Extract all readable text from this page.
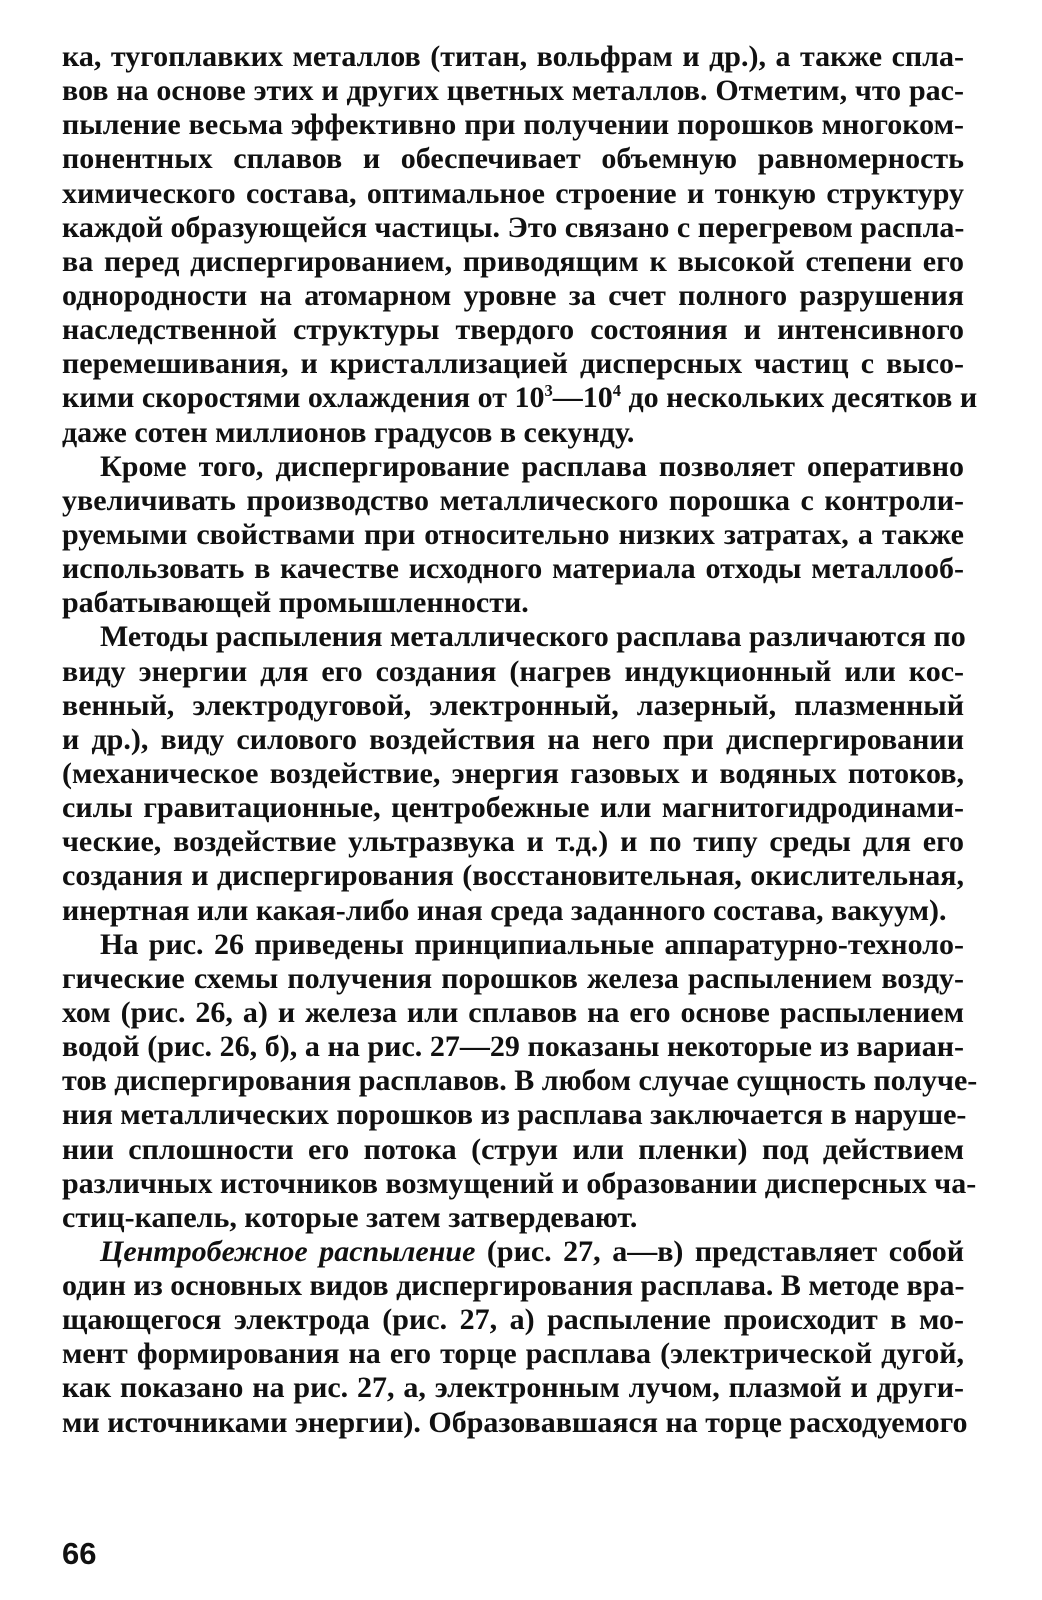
ка, тугоплавких металлов (титан, вольфрам и др.), а также спла-
вов на основе этих и других цветных металлов. Отметим, что рас-
пыление весьма эффективно при получении порошков многоком-
понентных сплавов и обеспечивает объемную равномерность
химического состава, оптимальное строение и тонкую структуру
каждой образующейся частицы. Это связано с перегревом распла-
ва перед диспергированием, приводящим к высокой степени его
однородности на атомарном уровне за счет полного разрушения
наследственной структуры твердого состояния и интенсивного
перемешивания, и кристаллизацией дисперсных частиц с высо-
кими скоростями охлаждения от $10^3—10^4$ до нескольких десятков и
даже сотен миллионов градусов в секунду.
Кроме того, диспергирование расплава позволяет оперативно
увеличивать производство металлического порошка с контроли-
руемыми свойствами при относительно низких затратах, а также
использовать в качестве исходного материала отходы металлооб-
рабатывающей промышленности.
Методы распыления металлического расплава различаются по
виду энергии для его создания (нагрев индукционный или кос-
венный, электродуговой, электронный, лазерный, плазменный
и др.), виду силового воздействия на него при диспергировании
(механическое воздействие, энергия газовых и водяных потоков,
силы гравитационные, центробежные или магнитогидродинами-
ческие, воздействие ультразвука и т.д.) и по типу среды для его
создания и диспергирования (восстановительная, окислительная,
инертная или какая-либо иная среда заданного состава, вакуум).
На рис. 26 приведены принципиальные аппаратурно-техноло-
гические схемы получения порошков железа распылением возду-
хом (рис. 26, а) и железа или сплавов на его основе распылением
водой (рис. 26, б), а на рис. 27—29 показаны некоторые из вариан-
тов диспергирования расплавов. В любом случае сущность получе-
ния металлических порошков из расплава заключается в наруше-
нии сплошности его потока (струи или пленки) под действием
различных источников возмущений и образовании дисперсных ча-
стиц-капель, которые затем затвердевают.
Центробежное распыление (рис. 27, а—в) представляет собой
один из основных видов диспергирования расплава. В методе вра-
щающегося электрода (рис. 27, а) распыление происходит в мо-
мент формирования на его торце расплава (электрической дугой,
как показано на рис. 27, а, электронным лучом, плазмой и други-
ми источниками энергии). Образовавшаяся на торце расходуемого
66
